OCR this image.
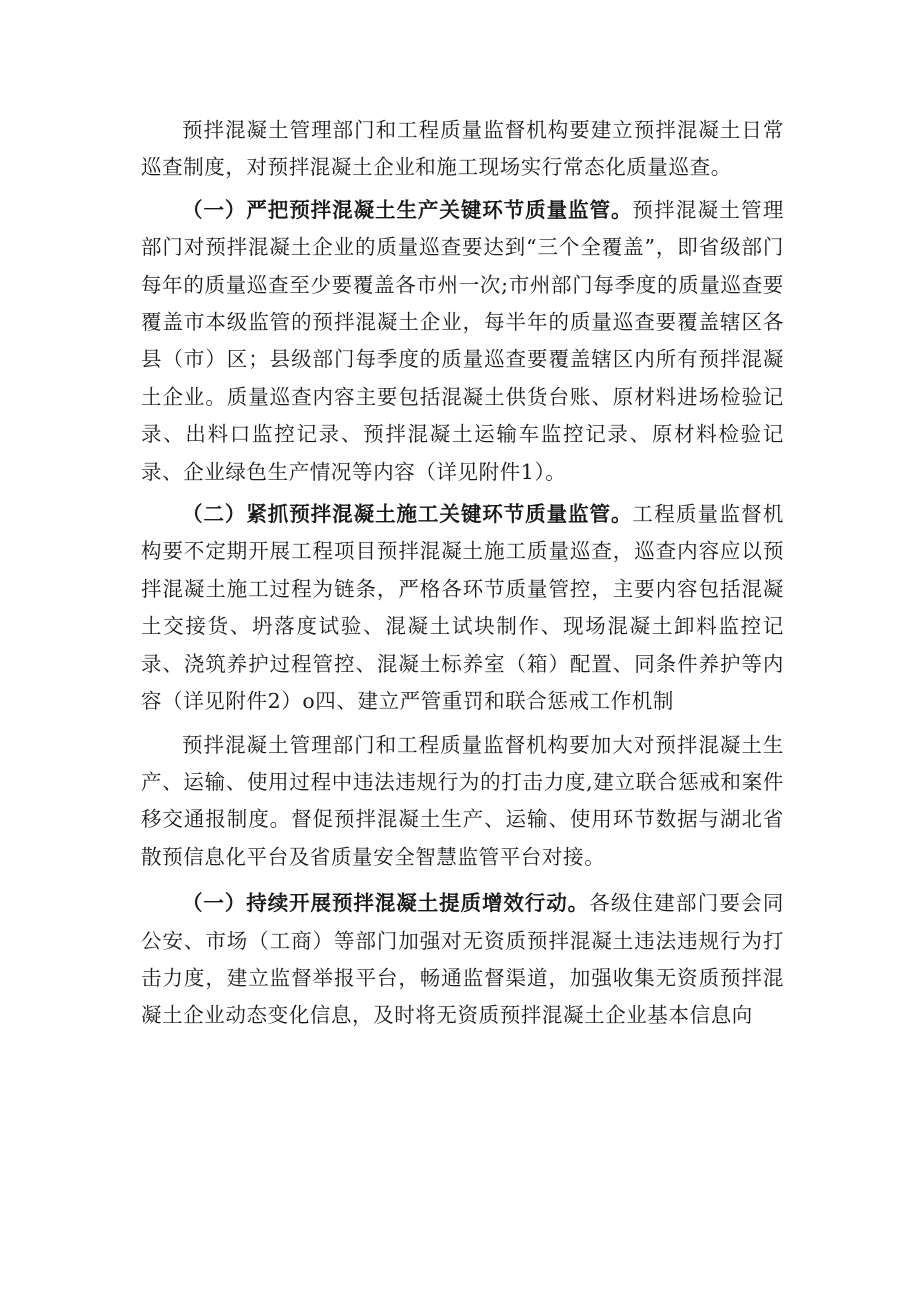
预拌混凝土管理部门和工程质量监督机构要建立预拌混凝土日常巡查制度，对预拌混凝土企业和施工现场实行常态化质量巡查。

（一）严把预拌混凝土生产关键环节质量监管。预拌混凝土管理部门对预拌混凝土企业的质量巡查要达到“三个全覆盖”，即省级部门每年的质量巡查至少要覆盖各市州一次;市州部门每季度的质量巡查要覆盖市本级监管的预拌混凝土企业，每半年的质量巡查要覆盖辖区各县（市）区；县级部门每季度的质量巡查要覆盖辖区内所有预拌混凝土企业。质量巡查内容主要包括混凝土供货台账、原材料进场检验记录、出料口监控记录、预拌混凝土运输车监控记录、原材料检验记录、企业绿色生产情况等内容（详见附件1）。

（二）紧抓预拌混凝土施工关键环节质量监管。工程质量监督机构要不定期开展工程项目预拌混凝土施工质量巡查，巡查内容应以预拌混凝土施工过程为链条，严格各环节质量管控，主要内容包括混凝土交接货、坍落度试验、混凝土试块制作、现场混凝土卸料监控记录、浇筑养护过程管控、混凝土标养室（箱）配置、同条件养护等内容（详见附件2）o四、建立严管重罚和联合惩戒工作机制

预拌混凝土管理部门和工程质量监督机构要加大对预拌混凝土生产、运输、使用过程中违法违规行为的打击力度,建立联合惩戒和案件移交通报制度。督促预拌混凝土生产、运输、使用环节数据与湖北省散预信息化平台及省质量安全智慧监管平台对接。

（一）持续开展预拌混凝土提质增效行动。各级住建部门要会同公安、市场（工商）等部门加强对无资质预拌混凝土违法违规行为打击力度，建立监督举报平台，畅通监督渠道，加强收集无资质预拌混凝土企业动态变化信息，及时将无资质预拌混凝土企业基本信息向
